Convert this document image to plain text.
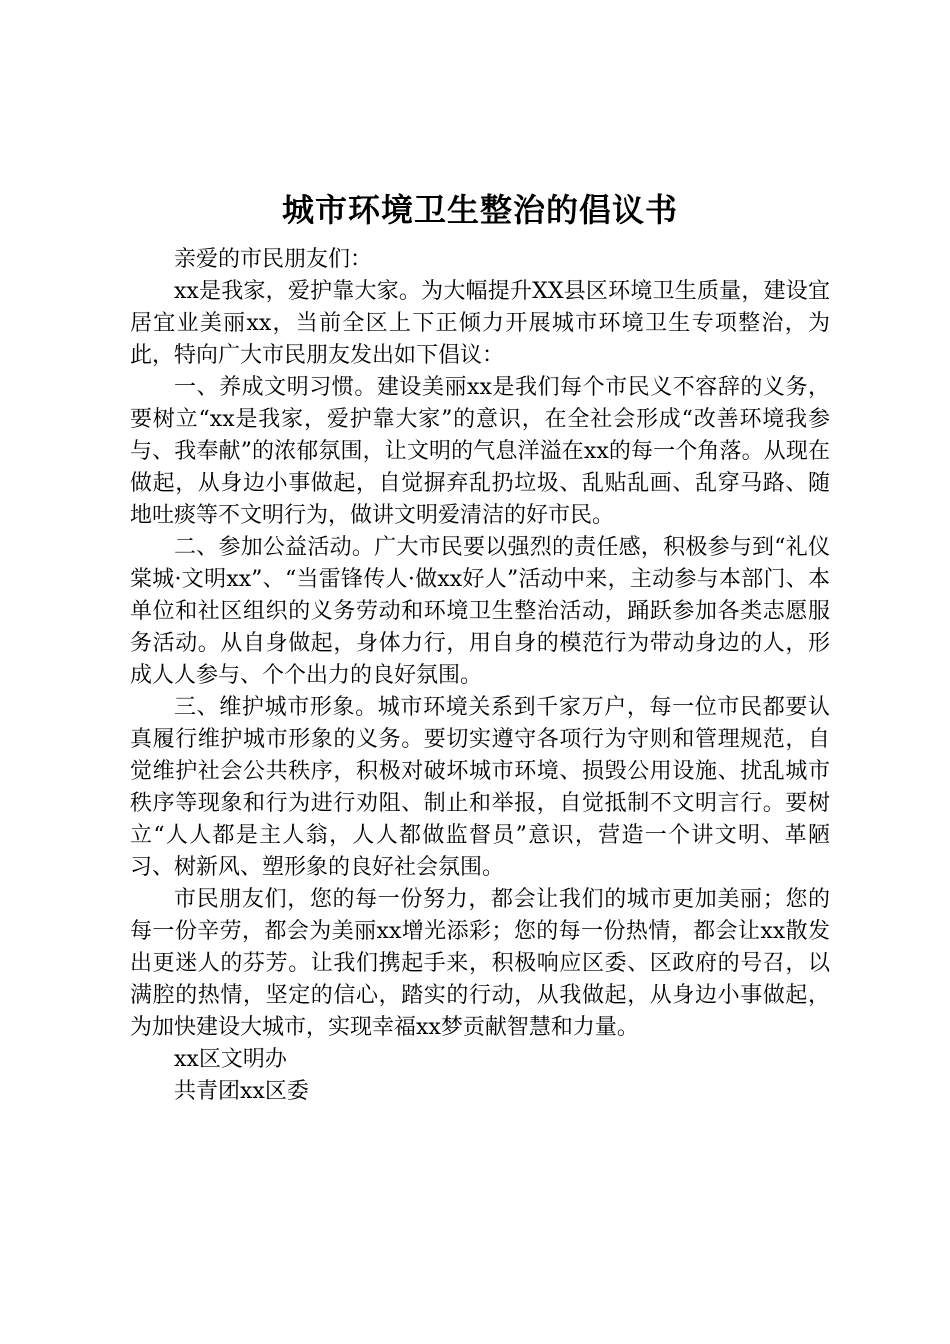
城市环境卫生整治的倡议书

亲爱的市民朋友们：

xx是我家，爱护靠大家。为大幅提升XX县区环境卫生质量，建设宜居宜业美丽xx，当前全区上下正倾力开展城市环境卫生专项整治，为此，特向广大市民朋友发出如下倡议：

一、养成文明习惯。建设美丽xx是我们每个市民义不容辞的义务，要树立“xx是我家，爱护靠大家”的意识，在全社会形成“改善环境我参与、我奉献”的浓郁氛围，让文明的气息洋溢在xx的每一个角落。从现在做起，从身边小事做起，自觉摒弃乱扔垃圾、乱贴乱画、乱穿马路、随地吐痰等不文明行为，做讲文明爱清洁的好市民。

二、参加公益活动。广大市民要以强烈的责任感，积极参与到“礼仪棠城·文明xx”、“当雷锋传人·做xx好人”活动中来，主动参与本部门、本单位和社区组织的义务劳动和环境卫生整治活动，踊跃参加各类志愿服务活动。从自身做起，身体力行，用自身的模范行为带动身边的人，形成人人参与、个个出力的良好氛围。

三、维护城市形象。城市环境关系到千家万户，每一位市民都要认真履行维护城市形象的义务。要切实遵守各项行为守则和管理规范，自觉维护社会公共秩序，积极对破坏城市环境、损毁公用设施、扰乱城市秩序等现象和行为进行劝阻、制止和举报，自觉抵制不文明言行。要树立“人人都是主人翁，人人都做监督员”意识，营造一个讲文明、革陋习、树新风、塑形象的良好社会氛围。

市民朋友们，您的每一份努力，都会让我们的城市更加美丽；您的每一份辛劳，都会为美丽xx增光添彩；您的每一份热情，都会让xx散发出更迷人的芬芳。让我们携起手来，积极响应区委、区政府的号召，以满腔的热情，坚定的信心，踏实的行动，从我做起，从身边小事做起，为加快建设大城市，实现幸福xx梦贡献智慧和力量。

xx区文明办

共青团xx区委
